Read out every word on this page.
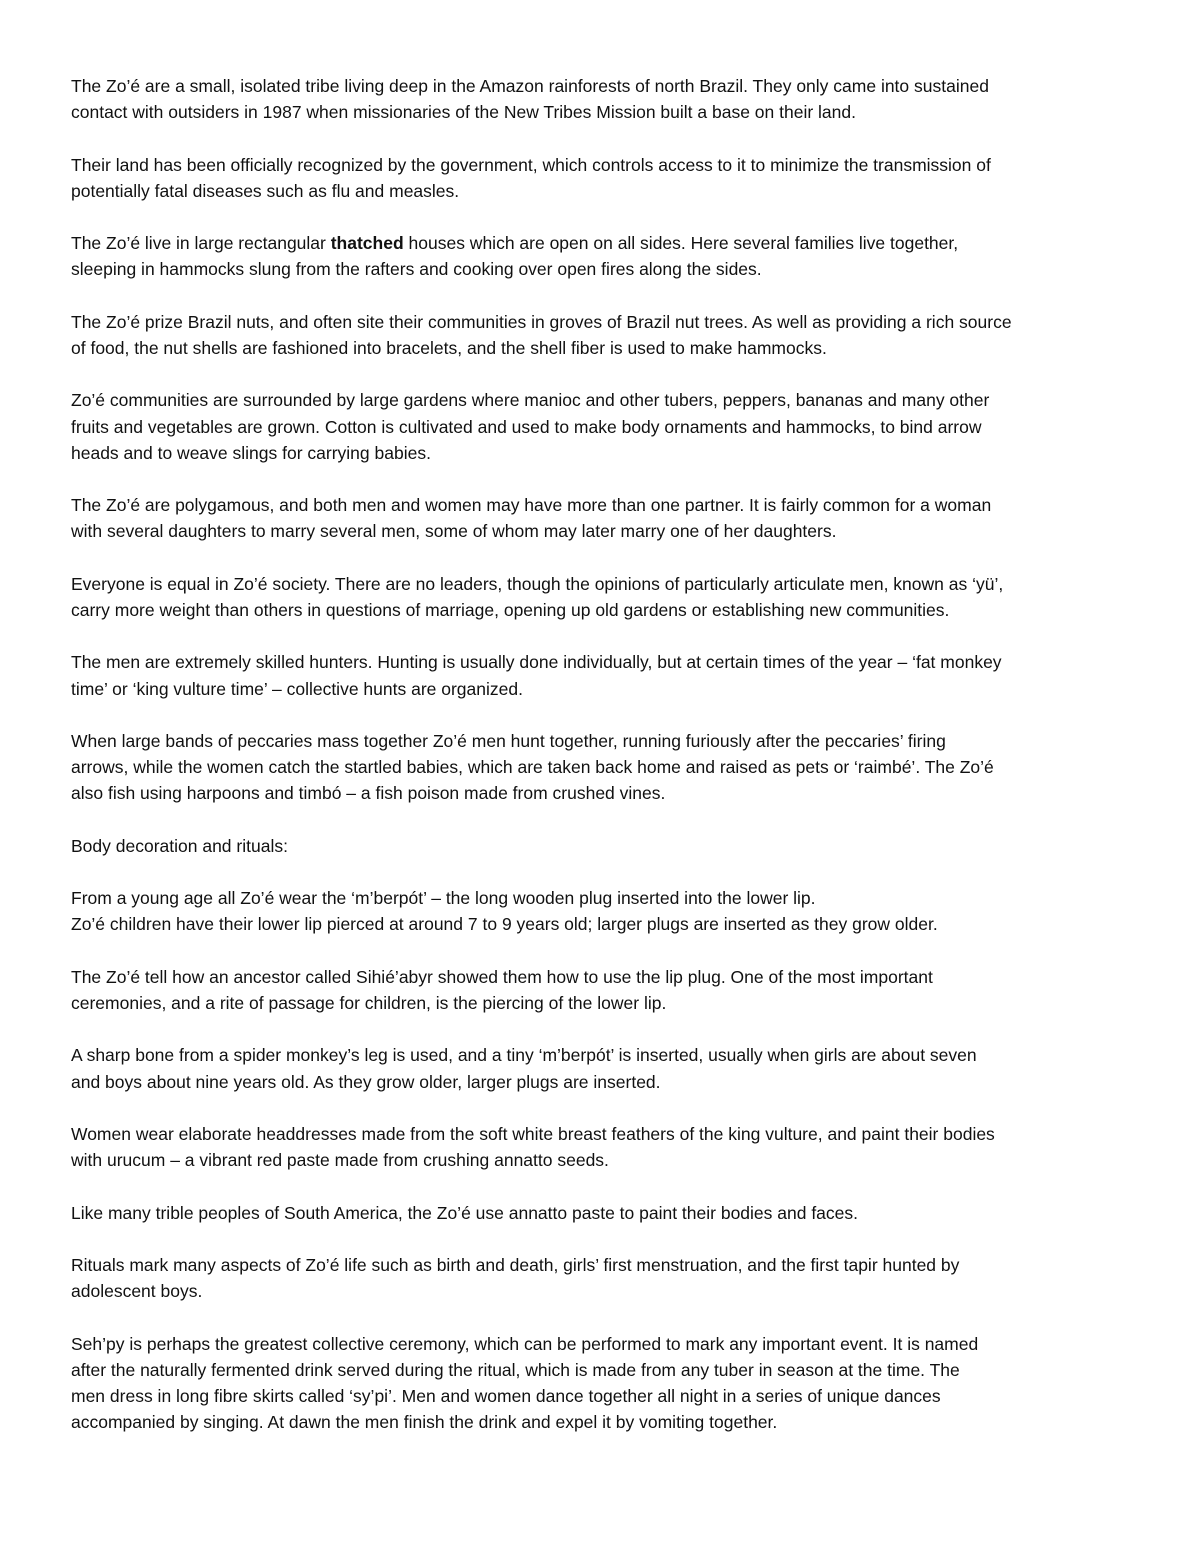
The Zo’é are a small, isolated tribe living deep in the Amazon rainforests of north Brazil. They only came into sustained
contact with outsiders in 1987 when missionaries of the New Tribes Mission built a base on their land.

Their land has been officially recognized by the government, which controls access to it to minimize the transmission of
potentially fatal diseases such as flu and measles.

The Zo’é live in large rectangular thatched houses which are open on all sides. Here several families live together,
sleeping in hammocks slung from the rafters and cooking over open fires along the sides.

The Zo’é prize Brazil nuts, and often site their communities in groves of Brazil nut trees. As well as providing a rich source
of food, the nut shells are fashioned into bracelets, and the shell fiber is used to make hammocks.

Zo’é communities are surrounded by large gardens where manioc and other tubers, peppers, bananas and many other
fruits and vegetables are grown. Cotton is cultivated and used to make body ornaments and hammocks, to bind arrow
heads and to weave slings for carrying babies.

The Zo’é are polygamous, and both men and women may have more than one partner. It is fairly common for a woman
with several daughters to marry several men, some of whom may later marry one of her daughters.

Everyone is equal in Zo’é society. There are no leaders, though the opinions of particularly articulate men, known as ‘yü’,
carry more weight than others in questions of marriage, opening up old gardens or establishing new communities.

The men are extremely skilled hunters. Hunting is usually done individually, but at certain times of the year – ‘fat monkey
time’ or ‘king vulture time’ – collective hunts are organized.

When large bands of peccaries mass together Zo’é men hunt together, running furiously after the peccaries’ firing
arrows, while the women catch the startled babies, which are taken back home and raised as pets or ‘raimbé’. The Zo’é
also fish using harpoons and timbó – a fish poison made from crushed vines.

Body decoration and rituals:

From a young age all Zo’é wear the ‘m’berpót’ – the long wooden plug inserted into the lower lip.
Zo’é children have their lower lip pierced at around 7 to 9 years old; larger plugs are inserted as they grow older.

The Zo’é tell how an ancestor called Sihié’abyr showed them how to use the lip plug. One of the most important
ceremonies, and a rite of passage for children, is the piercing of the lower lip.

A sharp bone from a spider monkey’s leg is used, and a tiny ‘m’berpót’ is inserted, usually when girls are about seven
and boys about nine years old. As they grow older, larger plugs are inserted.

Women wear elaborate headdresses made from the soft white breast feathers of the king vulture, and paint their bodies
with urucum – a vibrant red paste made from crushing annatto seeds.

Like many trible peoples of South America, the Zo’é use annatto paste to paint their bodies and faces.

Rituals mark many aspects of Zo’é life such as birth and death, girls’ first menstruation, and the first tapir hunted by
adolescent boys.

Seh’py is perhaps the greatest collective ceremony, which can be performed to mark any important event. It is named
after the naturally fermented drink served during the ritual, which is made from any tuber in season at the time. The
men dress in long fibre skirts called ‘sy’pi’. Men and women dance together all night in a series of unique dances
accompanied by singing. At dawn the men finish the drink and expel it by vomiting together.
